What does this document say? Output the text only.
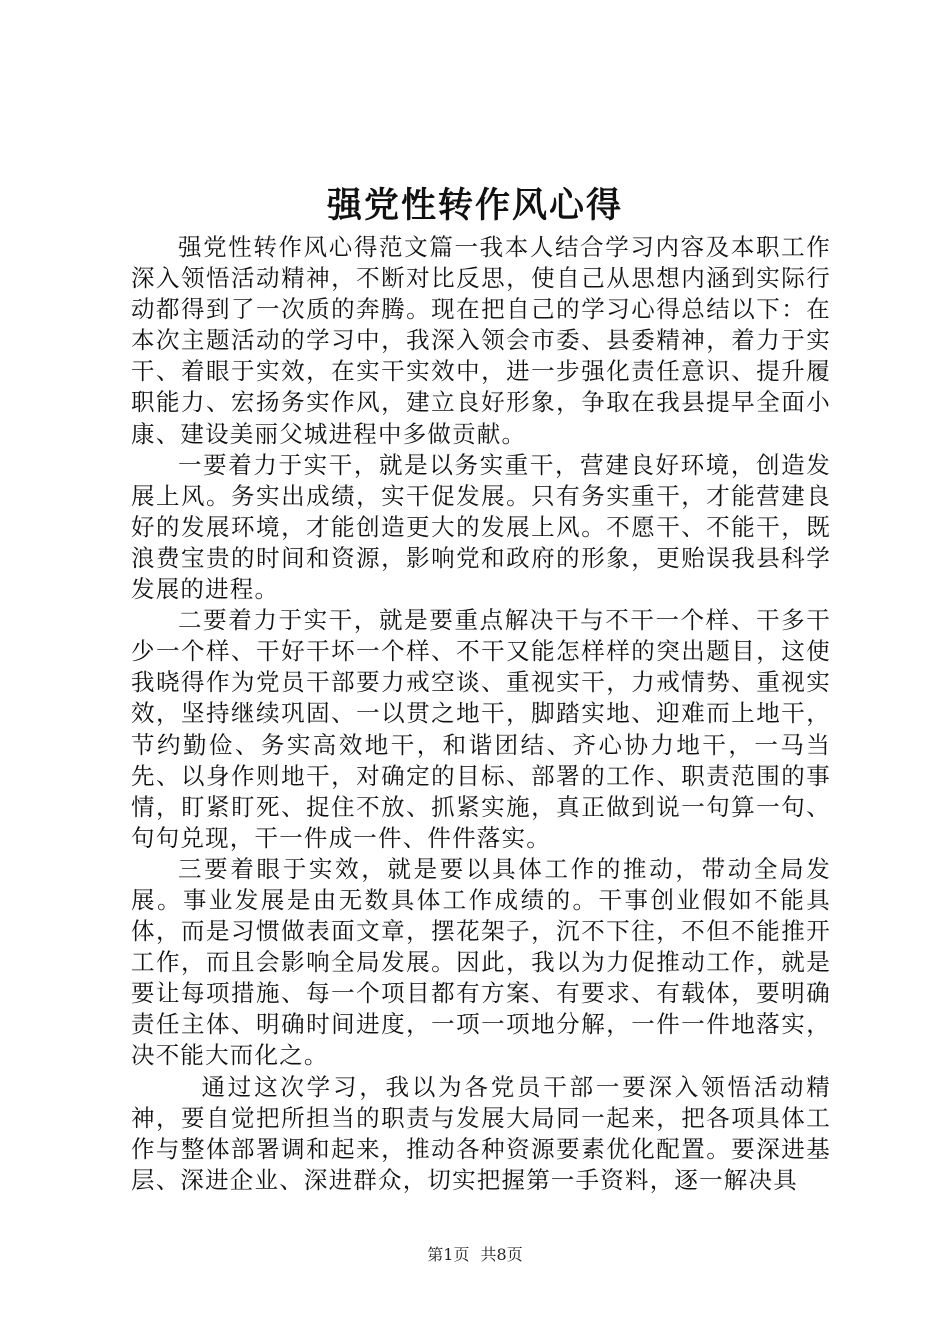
强党性转作风心得

强党性转作风心得范文篇一我本人结合学习内容及本职工作深入领悟活动精神，不断对比反思，使自己从思想内涵到实际行动都得到了一次质的奔腾。现在把自己的学习心得总结以下：在本次主题活动的学习中，我深入领会市委、县委精神，着力于实干、着眼于实效，在实干实效中，进一步强化责任意识、提升履职能力、宏扬务实作风，建立良好形象，争取在我县提早全面小康、建设美丽父城进程中多做贡献。

一要着力于实干，就是以务实重干，营建良好环境，创造发展上风。务实出成绩，实干促发展。只有务实重干，才能营建良好的发展环境，才能创造更大的发展上风。不愿干、不能干，既浪费宝贵的时间和资源，影响党和政府的形象，更贻误我县科学发展的进程。

二要着力于实干，就是要重点解决干与不干一个样、干多干少一个样、干好干坏一个样、不干又能怎样样的突出题目，这使我晓得作为党员干部要力戒空谈、重视实干，力戒情势、重视实效，坚持继续巩固、一以贯之地干，脚踏实地、迎难而上地干，节约勤俭、务实高效地干，和谐团结、齐心协力地干，一马当先、以身作则地干，对确定的目标、部署的工作、职责范围的事情，盯紧盯死、捉住不放、抓紧实施，真正做到说一句算一句、句句兑现，干一件成一件、件件落实。

三要着眼于实效，就是要以具体工作的推动，带动全局发展。事业发展是由无数具体工作成绩的。干事创业假如不能具体，而是习惯做表面文章，摆花架子，沉不下往，不但不能推开工作，而且会影响全局发展。因此，我以为力促推动工作，就是要让每项措施、每一个项目都有方案、有要求、有载体，要明确责任主体、明确时间进度，一项一项地分解，一件一件地落实，决不能大而化之。

通过这次学习，我以为各党员干部一要深入领悟活动精神，要自觉把所担当的职责与发展大局同一起来，把各项具体工作与整体部署调和起来，推动各种资源要素优化配置。要深进基层、深进企业、深进群众，切实把握第一手资料，逐一解决具

第1页 共8页
